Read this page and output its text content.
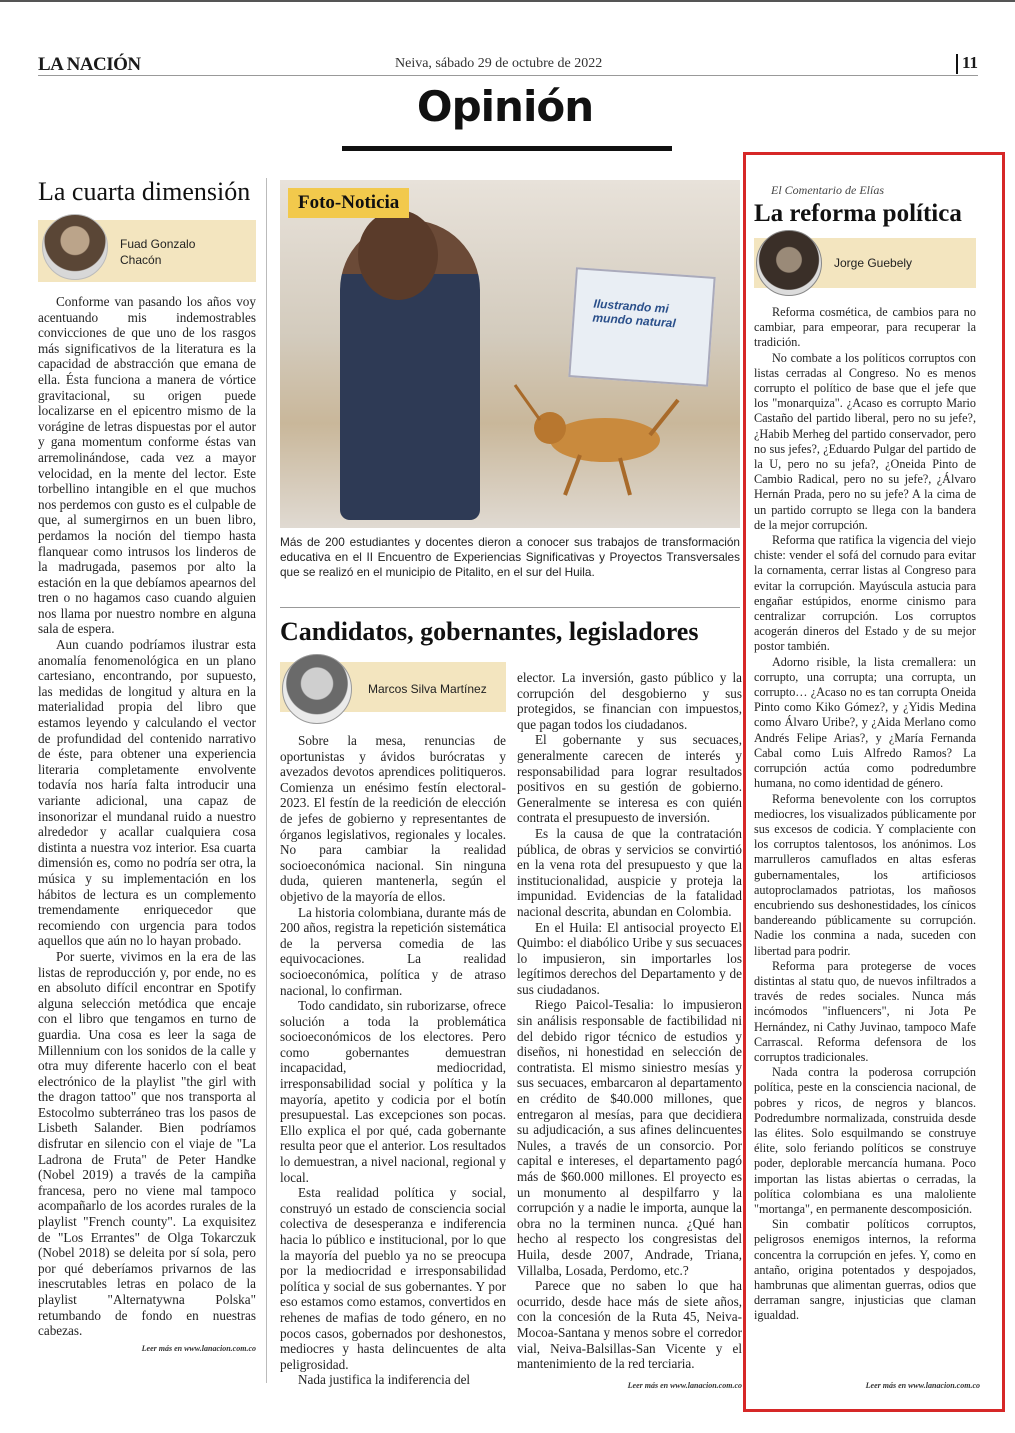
LA NACIÓN	Neiva, sábado 29 de octubre de 2022	11
Opinión
La cuarta dimensión
Fuad Gonzalo Chacón

Conforme van pasando los años voy acentuando mis indemostrables convicciones de que uno de los rasgos más significativos de la literatura es la capacidad de abstracción que emana de ella. Ésta funciona a manera de vórtice gravitacional, su origen puede localizarse en el epicentro mismo de la vorágine de letras dispuestas por el autor y gana momentum conforme éstas van arremolinándose, cada vez a mayor velocidad, en la mente del lector. Este torbellino intangible en el que muchos nos perdemos con gusto es el culpable de que, al sumergirnos en un buen libro, perdamos la noción del tiempo hasta flanquear como intrusos los linderos de la madrugada, pasemos por alto la estación en la que debíamos apearnos del tren o no hagamos caso cuando alguien nos llama por nuestro nombre en alguna sala de espera.

Aun cuando podríamos ilustrar esta anomalía fenomenológica en un plano cartesiano, encontrando, por supuesto, las medidas de longitud y altura en la materialidad propia del libro que estamos leyendo y calculando el vector de profundidad del contenido narrativo de éste, para obtener una experiencia literaria completamente envolvente todavía nos haría falta introducir una variante adicional, una capaz de insonorizar el mundanal ruido a nuestro alrededor y acallar cualquiera cosa distinta a nuestra voz interior. Esa cuarta dimensión es, como no podría ser otra, la música y su implementación en los hábitos de lectura es un complemento tremendamente enriquecedor que recomiendo con urgencia para todos aquellos que aún no lo hayan probado.

Por suerte, vivimos en la era de las listas de reproducción y, por ende, no es en absoluto difícil encontrar en Spotify alguna selección metódica que encaje con el libro que tengamos en turno de guardia. Una cosa es leer la saga de Millennium con los sonidos de la calle y otra muy diferente hacerlo con el beat electrónico de la playlist "the girl with the dragon tattoo" que nos transporta al Estocolmo subterráneo tras los pasos de Lisbeth Salander. Bien podríamos disfrutar en silencio con el viaje de "La Ladrona de Fruta" de Peter Handke (Nobel 2019) a través de la campiña francesa, pero no viene mal tampoco acompañarlo de los acordes rurales de la playlist "French county". La exquisitez de "Los Errantes" de Olga Tokarczuk (Nobel 2018) se deleita por sí sola, pero por qué deberíamos privarnos de las inescrutables letras en polaco de la playlist "Alternatywna Polska" retumbando de fondo en nuestras cabezas.

Leer más en www.lanacion.com.co
Ilustrando mi mundo natural
Foto-Noticia
Más de 200 estudiantes y docentes dieron a conocer sus trabajos de transformación educativa en el II Encuentro de Experiencias Significativas y Proyectos Transversales que se realizó en el municipio de Pitalito, en el sur del Huila.
Candidatos, gobernantes, legisladores
Marcos Silva Martínez

Sobre la mesa, renuncias de oportunistas y ávidos burócratas y avezados devotos aprendices politiqueros. Comienza un enésimo festín electoral- 2023. El festín de la reedición de elección de jefes de gobierno y representantes de órganos legislativos, regionales y locales. No para cambiar la realidad socioeconómica nacional. Sin ninguna duda, quieren mantenerla, según el objetivo de la mayoría de ellos.

La historia colombiana, durante más de 200 años, registra la repetición sistemática de la perversa comedia de las equivocaciones. La realidad socioeconómica, política y de atraso nacional, lo confirman.

Todo candidato, sin ruborizarse, ofrece solución a toda la problemática socioeconómicos de los electores. Pero como gobernantes demuestran incapacidad, mediocridad, irresponsabilidad social y política y la mayoría, apetito y codicia por el botín presupuestal. Las excepciones son pocas. Ello explica el por qué, cada gobernante resulta peor que el anterior. Los resultados lo demuestran, a nivel nacional, regional y local.

Esta realidad política y social, construyó un estado de consciencia social colectiva de desesperanza e indiferencia hacia lo público e institucional, por lo que la mayoría del pueblo ya no se preocupa por la mediocridad e irresponsabilidad política y social de sus gobernantes. Y por eso estamos como estamos, convertidos en rehenes de mafias de todo género, en no pocos casos, gobernados por deshonestos, mediocres y hasta delincuentes de alta peligrosidad.

Nada justifica la indiferencia del

elector. La inversión, gasto público y la corrupción del desgobierno y sus protegidos, se financian con impuestos, que pagan todos los ciudadanos.

El gobernante y sus secuaces, generalmente carecen de interés y responsabilidad para lograr resultados positivos en su gestión de gobierno. Generalmente se interesa es con quién contrata el presupuesto de inversión.

Es la causa de que la contratación pública, de obras y servicios se convirtió en la vena rota del presupuesto y que la institucionalidad, auspicie y proteja la impunidad. Evidencias de la fatalidad nacional descrita, abundan en Colombia.

En el Huila: El antisocial proyecto El Quimbo: el diabólico Uribe y sus secuaces lo impusieron, sin importarles los legítimos derechos del Departamento y de sus ciudadanos.

Riego Paicol-Tesalia: lo impusieron sin análisis responsable de factibilidad ni del debido rigor técnico de estudios y diseños, ni honestidad en selección de contratista. El mismo siniestro mesías y sus secuaces, embarcaron al departamento en crédito de $40.000 millones, que entregaron al mesías, para que decidiera su adjudicación, a sus afines delincuentes Nules, a través de un consorcio. Por capital e intereses, el departamento pagó más de $60.000 millones. El proyecto es un monumento al despilfarro y la corrupción y a nadie le importa, aunque la obra no la terminen nunca. ¿Qué han hecho al respecto los congresistas del Huila, desde 2007, Andrade, Triana, Villalba, Losada, Perdomo, etc.?

Parece que no saben lo que ha ocurrido, desde hace más de siete años, con la concesión de la Ruta 45, Neiva-Mocoa-Santana y menos sobre el corredor vial, Neiva-Balsillas-San Vicente y el mantenimiento de la red terciaria.

Leer más en www.lanacion.com.co
El Comentario de Elías
La reforma política
Jorge Guebely

Reforma cosmética, de cambios para no cambiar, para empeorar, para recuperar la tradición.

No combate a los políticos corruptos con listas cerradas al Congreso. No es menos corrupto el político de base que el jefe que los "monarquiza". ¿Acaso es corrupto Mario Castaño del partido liberal, pero no su jefe?, ¿Habib Merheg del partido conservador, pero no sus jefes?, ¿Eduardo Pulgar del partido de la U, pero no su jefa?, ¿Oneida Pinto de Cambio Radical, pero no su jefe?, ¿Álvaro Hernán Prada, pero no su jefe? A la cima de un partido corrupto se llega con la bandera de la mejor corrupción.

Reforma que ratifica la vigencia del viejo chiste: vender el sofá del cornudo para evitar la cornamenta, cerrar listas al Congreso para evitar la corrupción. Mayúscula astucia para engañar estúpidos, enorme cinismo para centralizar corrupción. Los corruptos acogerán dineros del Estado y de su mejor postor también.

Adorno risible, la lista cremallera: un corrupto, una corrupta; una corrupta, un corrupto… ¿Acaso no es tan corrupta Oneida Pinto como Kiko Gómez?, y ¿Yidis Medina como Álvaro Uribe?, y ¿Aida Merlano como Andrés Felipe Arias?, y ¿María Fernanda Cabal como Luis Alfredo Ramos? La corrupción actúa como podredumbre humana, no como identidad de género.

Reforma benevolente con los corruptos mediocres, los visualizados públicamente por sus excesos de codicia. Y complaciente con los corruptos talentosos, los anónimos. Los marrulleros camuflados en altas esferas gubernamentales, los artificiosos autoproclamados patriotas, los mañosos encubriendo sus deshonestidades, los cínicos bandereando públicamente su corrupción. Nadie los conmina a nada, suceden con libertad para podrir.

Reforma para protegerse de voces distintas al statu quo, de nuevos infiltrados a través de redes sociales. Nunca más incómodos "influencers", ni Jota Pe Hernández, ni Cathy Juvinao, tampoco Mafe Carrascal. Reforma defensora de los corruptos tradicionales.

Nada contra la poderosa corrupción política, peste en la consciencia nacional, de pobres y ricos, de negros y blancos. Podredumbre normalizada, construida desde las élites. Solo esquilmando se construye élite, solo feriando políticos se construye poder, deplorable mercancía humana. Poco importan las listas abiertas o cerradas, la política colombiana es una maloliente "mortanga", en permanente descomposición.

Sin combatir políticos corruptos, peligrosos enemigos internos, la reforma concentra la corrupción en jefes. Y, como en antaño, origina potentados y despojados, hambrunas que alimentan guerras, odios que derraman sangre, injusticias que claman igualdad.

Leer más en www.lanacion.com.co
